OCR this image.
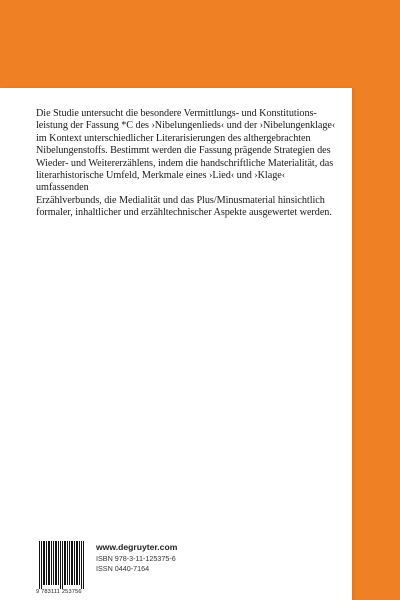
Die Studie untersucht die besondere Vermittlungs- und Konstitutions-
leistung der Fassung *C des ›Nibelungenlieds‹ und der ›Nibelungenklage‹
im Kontext unterschiedlicher Literarisierungen des althergebrachten
Nibelungenstoffs. Bestimmt werden die Fassung prägende Strategien des
Wieder- und Weitererzählens, indem die handschriftliche Materialität, das
literarhistorische Umfeld, Merkmale eines ›Lied‹ und ›Klage‹ umfassenden
Erzählverbunds, die Medialität und das Plus/Minusmaterial hinsichtlich
formaler, inhaltlicher und erzähltechnischer Aspekte ausgewertet werden.

9 783111 253756

www.degruyter.com

ISBN 978-3-11-125375-6

ISSN 0440-7164
